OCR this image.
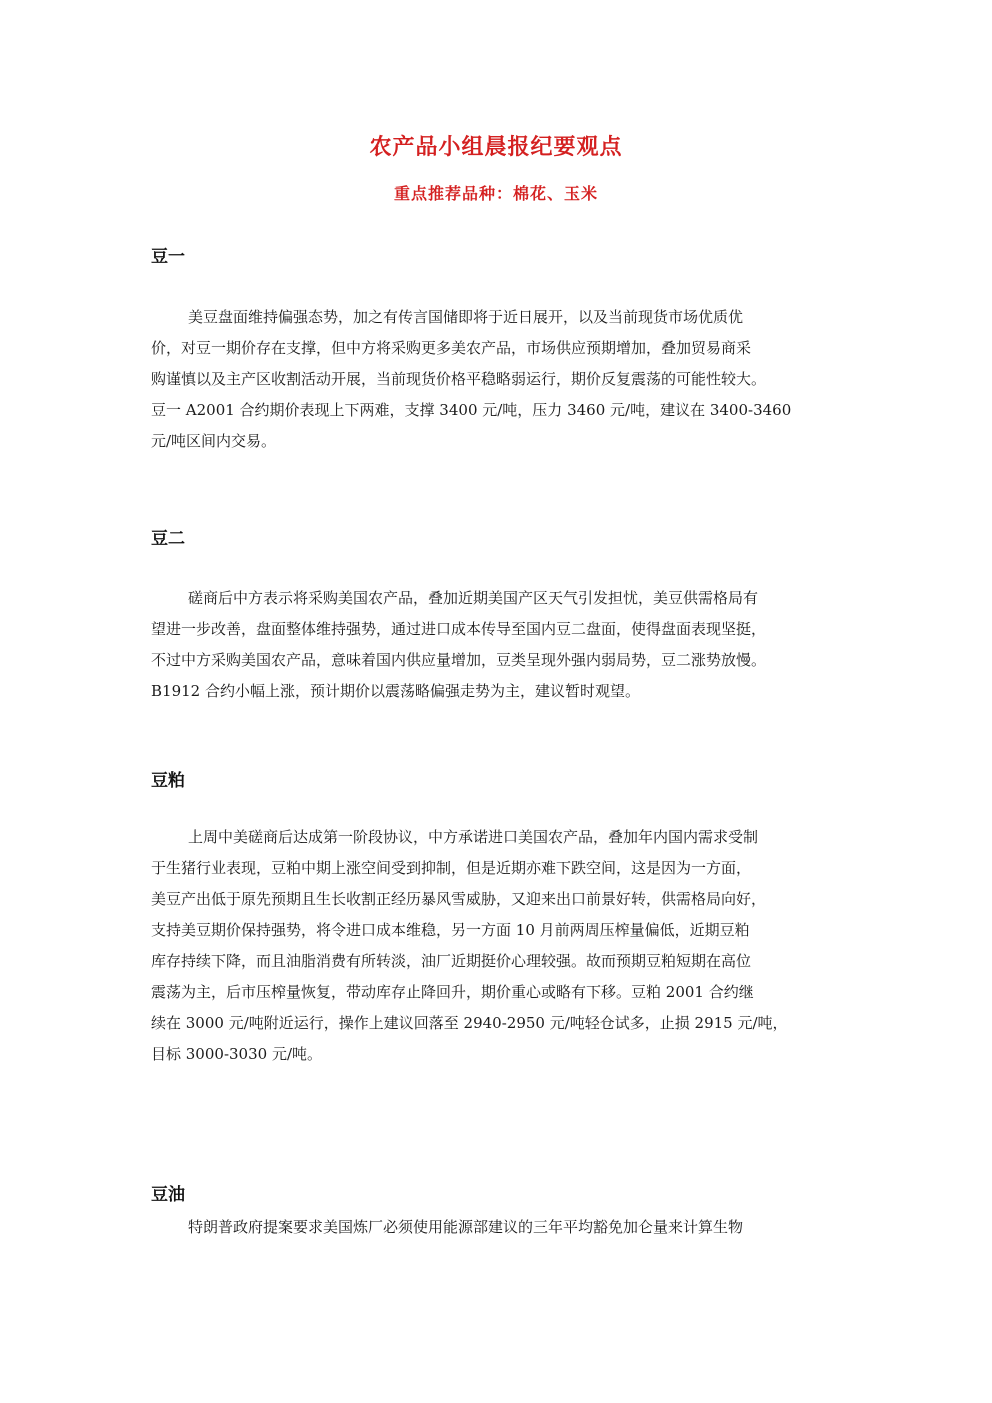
农产品小组晨报纪要观点
重点推荐品种：棉花、玉米
豆一
美豆盘面维持偏强态势，加之有传言国储即将于近日展开，以及当前现货市场优质优
价，对豆一期价存在支撑，但中方将采购更多美农产品，市场供应预期增加，叠加贸易商采
购谨慎以及主产区收割活动开展，当前现货价格平稳略弱运行，期价反复震荡的可能性较大。
豆一 A2001 合约期价表现上下两难，支撑 3400 元/吨，压力 3460 元/吨，建议在 3400-3460
元/吨区间内交易。
豆二
磋商后中方表示将采购美国农产品，叠加近期美国产区天气引发担忧，美豆供需格局有
望进一步改善，盘面整体维持强势，通过进口成本传导至国内豆二盘面，使得盘面表现坚挺，
不过中方采购美国农产品，意味着国内供应量增加，豆类呈现外强内弱局势，豆二涨势放慢。
B1912 合约小幅上涨，预计期价以震荡略偏强走势为主，建议暂时观望。
豆粕
上周中美磋商后达成第一阶段协议，中方承诺进口美国农产品，叠加年内国内需求受制
于生猪行业表现，豆粕中期上涨空间受到抑制，但是近期亦难下跌空间，这是因为一方面，
美豆产出低于原先预期且生长收割正经历暴风雪威胁，又迎来出口前景好转，供需格局向好，
支持美豆期价保持强势，将令进口成本维稳，另一方面 10 月前两周压榨量偏低，近期豆粕
库存持续下降，而且油脂消费有所转淡，油厂近期挺价心理较强。故而预期豆粕短期在高位
震荡为主，后市压榨量恢复，带动库存止降回升，期价重心或略有下移。豆粕 2001 合约继
续在 3000 元/吨附近运行，操作上建议回落至 2940-2950 元/吨轻仓试多，止损 2915 元/吨，
目标 3000-3030 元/吨。
豆油
特朗普政府提案要求美国炼厂必须使用能源部建议的三年平均豁免加仑量来计算生物
